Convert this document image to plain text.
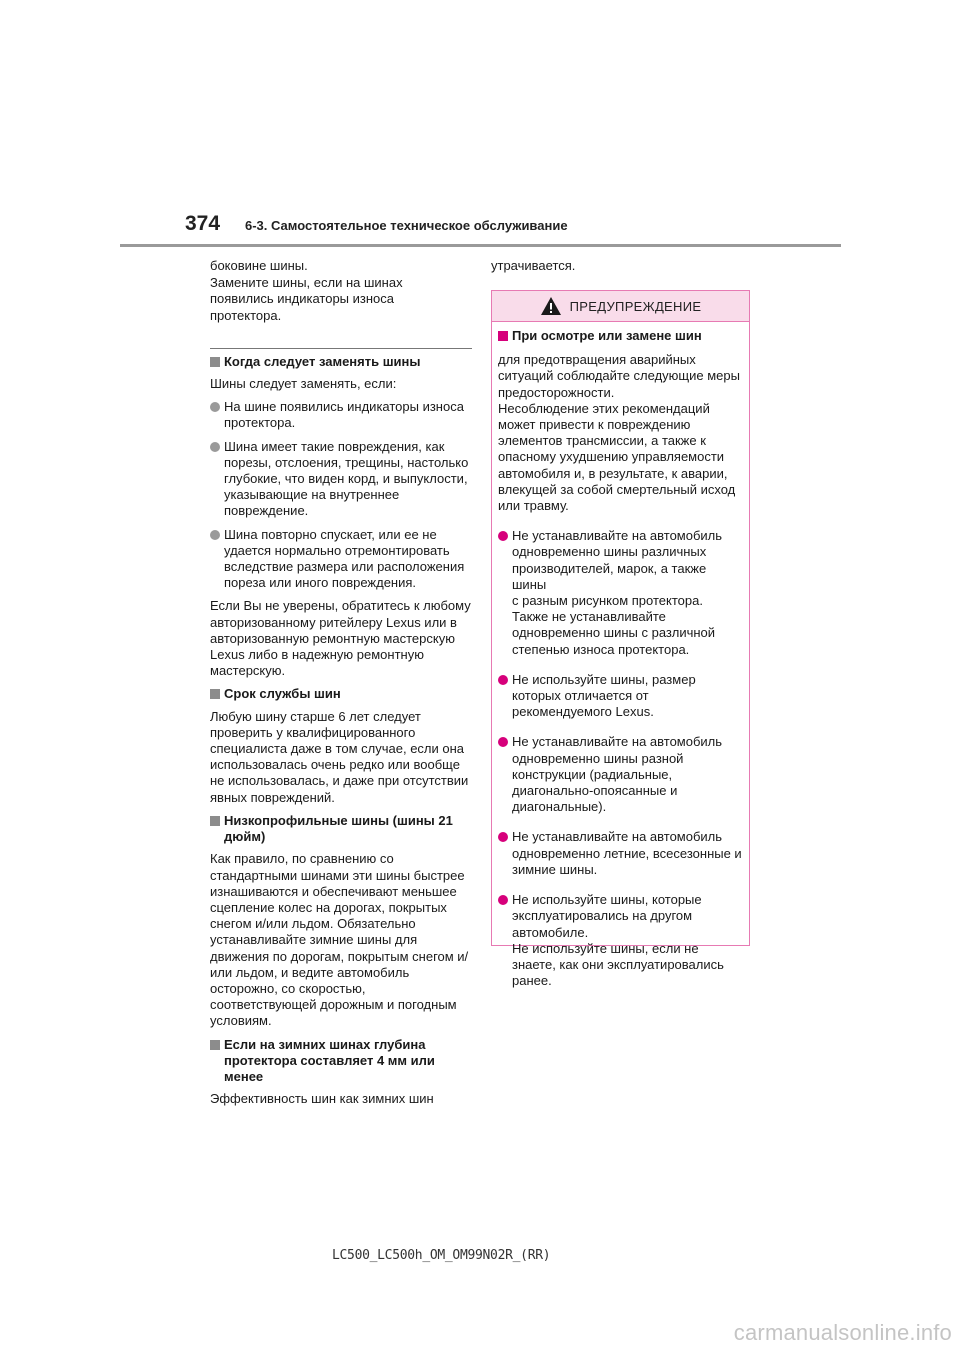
374 6-3. Самостоятельное техническое обслуживание

боковине шины.

Замените шины, если на шинах
появились индикаторы износа
протектора.

Когда следует заменять шины

Шины следует заменять, если:

На шине появились индикаторы износа
протектора.
Шина имеет такие повреждения, как
порезы, отслоения, трещины, настолько
глубокие, что виден корд, и выпуклости,
указывающие на внутреннее
повреждение.
Шина повторно спускает, или ее не
удается нормально отремонтировать
вследствие размера или расположения
пореза или иного повреждения.

Если Вы не уверены, обратитесь к любому
авторизованному ритейлеру Lexus или в
авторизованную ремонтную мастерскую
Lexus либо в надежную ремонтную
мастерскую.

Срок службы шин

Любую шину старше 6 лет следует
проверить у квалифицированного
специалиста даже в том случае, если она
использовалась очень редко или вообще
не использовалась, и даже при отсутствии
явных повреждений.

Низкопрофильные шины (шины 21
дюйм)

Как правило, по сравнению со
стандартными шинами эти шины быстрее
изнашиваются и обеспечивают меньшее
сцепление колес на дорогах, покрытых
снегом и/или льдом. Обязательно
устанавливайте зимние шины для
движения по дорогам, покрытым снегом и/
или льдом, и ведите автомобиль
осторожно, со скоростью,
соответствующей дорожным и погодным
условиям.

Если на зимних шинах глубина
протектора составляет 4 мм или
менее

Эффективность шин как зимних шин

утрачивается.

ПРЕДУПРЕЖДЕНИЕ
При осмотре или замене шин

для предотвращения аварийных
ситуаций соблюдайте следующие меры
предосторожности.
Несоблюдение этих рекомендаций
может привести к повреждению
элементов трансмиссии, а также к
опасному ухудшению управляемости
автомобиля и, в результате, к аварии,
влекущей за собой смертельный исход
или травму.

Не устанавливайте на автомобиль
одновременно шины различных
производителей, марок, а также шины
с разным рисунком протектора.
Также не устанавливайте
одновременно шины с различной
степенью износа протектора.
Не используйте шины, размер
которых отличается от
рекомендуемого Lexus.
Не устанавливайте на автомобиль
одновременно шины разной
конструкции (радиальные,
диагонально-опоясанные и
диагональные).
Не устанавливайте на автомобиль
одновременно летние, всесезонные и
зимние шины.
Не используйте шины, которые
эксплуатировались на другом
автомобиле.
Не используйте шины, если не
знаете, как они эксплуатировались
ранее.
LC500_LC500h_OM_OM99N02R_(RR)
carmanualsonline.info
